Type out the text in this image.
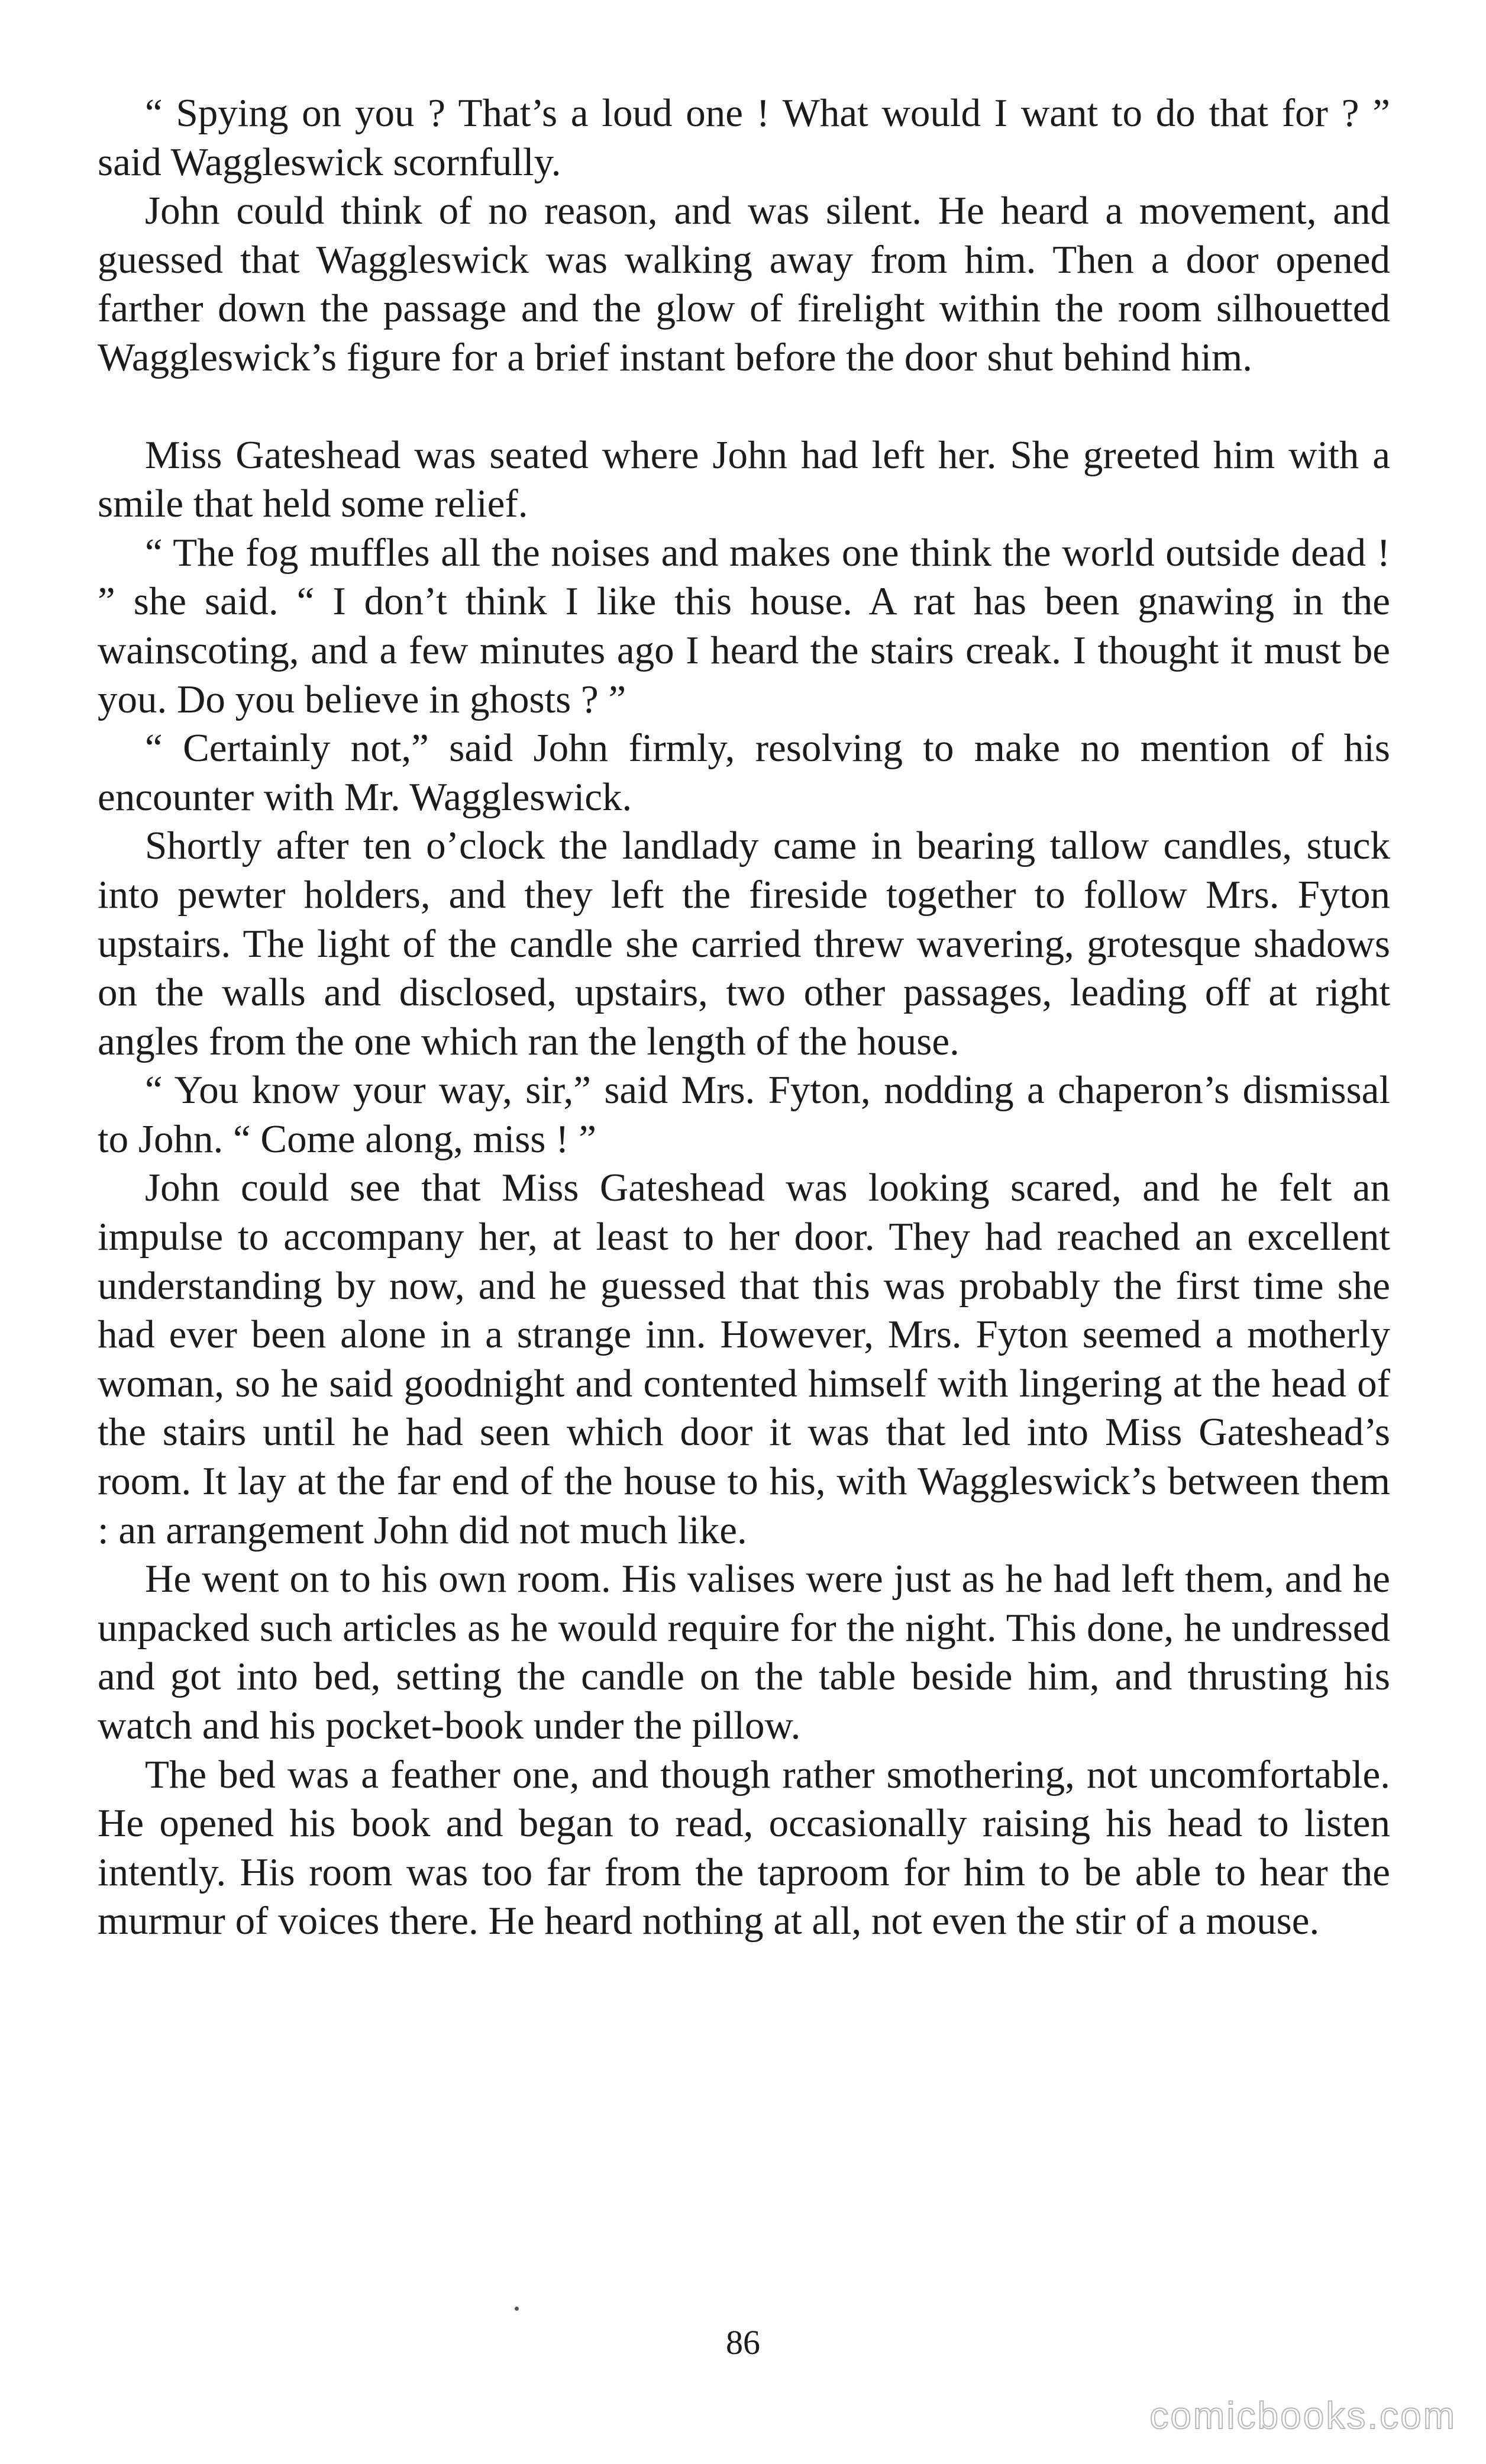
“ Spying on you ? That’s a loud one ! What would I want to do that for ? ” said Waggleswick scornfully.

John could think of no reason, and was silent. He heard a movement, and guessed that Waggleswick was walking away from him. Then a door opened farther down the passage and the glow of firelight within the room silhouetted Waggleswick’s figure for a brief instant before the door shut behind him.

Miss Gateshead was seated where John had left her. She greeted him with a smile that held some relief.

“ The fog muffles all the noises and makes one think the world outside dead ! ” she said. “ I don’t think I like this house. A rat has been gnawing in the wainscoting, and a few minutes ago I heard the stairs creak. I thought it must be you. Do you believe in ghosts ? ”

“ Certainly not,” said John firmly, resolving to make no mention of his encounter with Mr. Waggleswick.

Shortly after ten o’clock the landlady came in bearing tallow candles, stuck into pewter holders, and they left the fireside together to follow Mrs. Fyton upstairs. The light of the candle she carried threw wavering, grotesque shadows on the walls and disclosed, upstairs, two other passages, leading off at right angles from the one which ran the length of the house.

“ You know your way, sir,” said Mrs. Fyton, nodding a chaperon’s dismissal to John. “ Come along, miss ! ”

John could see that Miss Gateshead was looking scared, and he felt an impulse to accompany her, at least to her door. They had reached an excellent understanding by now, and he guessed that this was probably the first time she had ever been alone in a strange inn. However, Mrs. Fyton seemed a motherly woman, so he said goodnight and contented himself with lingering at the head of the stairs until he had seen which door it was that led into Miss Gateshead’s room. It lay at the far end of the house to his, with Waggleswick’s between them : an arrangement John did not much like.

He went on to his own room. His valises were just as he had left them, and he unpacked such articles as he would require for the night. This done, he undressed and got into bed, setting the candle on the table beside him, and thrusting his watch and his pocket-book under the pillow.

The bed was a feather one, and though rather smothering, not uncomfortable. He opened his book and began to read, occasionally raising his head to listen intently. His room was too far from the taproom for him to be able to hear the murmur of voices there. He heard nothing at all, not even the stir of a mouse.

86
comicbooks.com
